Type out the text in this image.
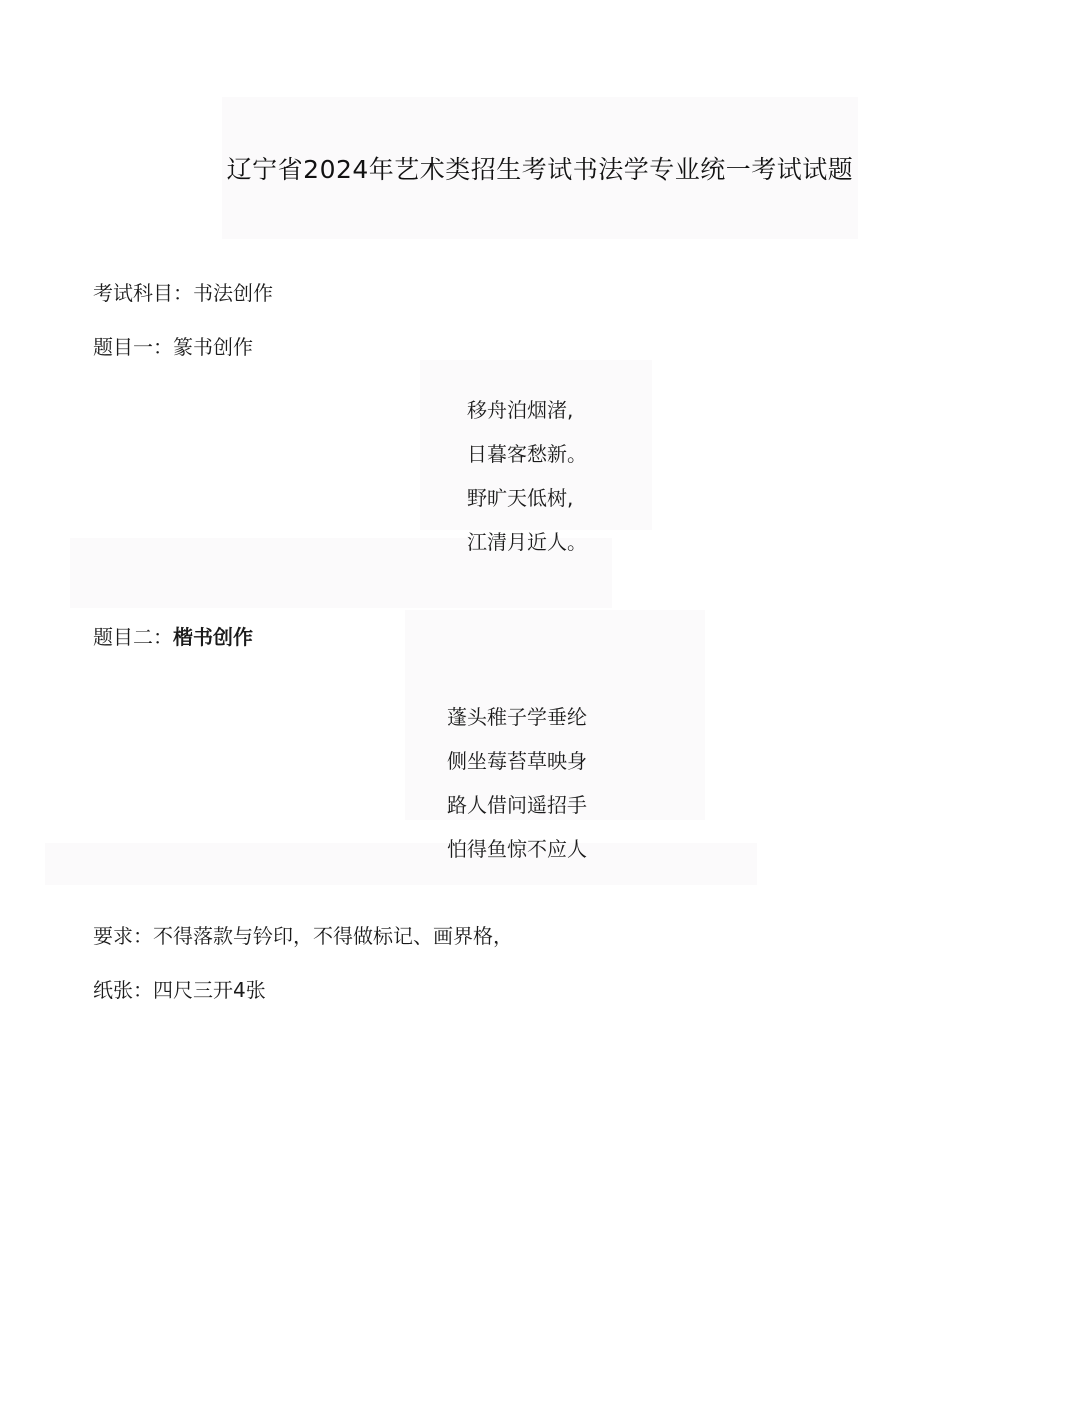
辽宁省2024年艺术类招生考试书法学专业统一考试试题
考试科目：书法创作
题目一：篆书创作
移舟泊烟渚,
日暮客愁新。
野旷天低树,
江清月近人。
题目二：楷书创作
蓬头稚子学垂纶
侧坐莓苔草映身
路人借问遥招手
怕得鱼惊不应人
要求：不得落款与钤印，不得做标记、画界格，
纸张：四尺三开4张
